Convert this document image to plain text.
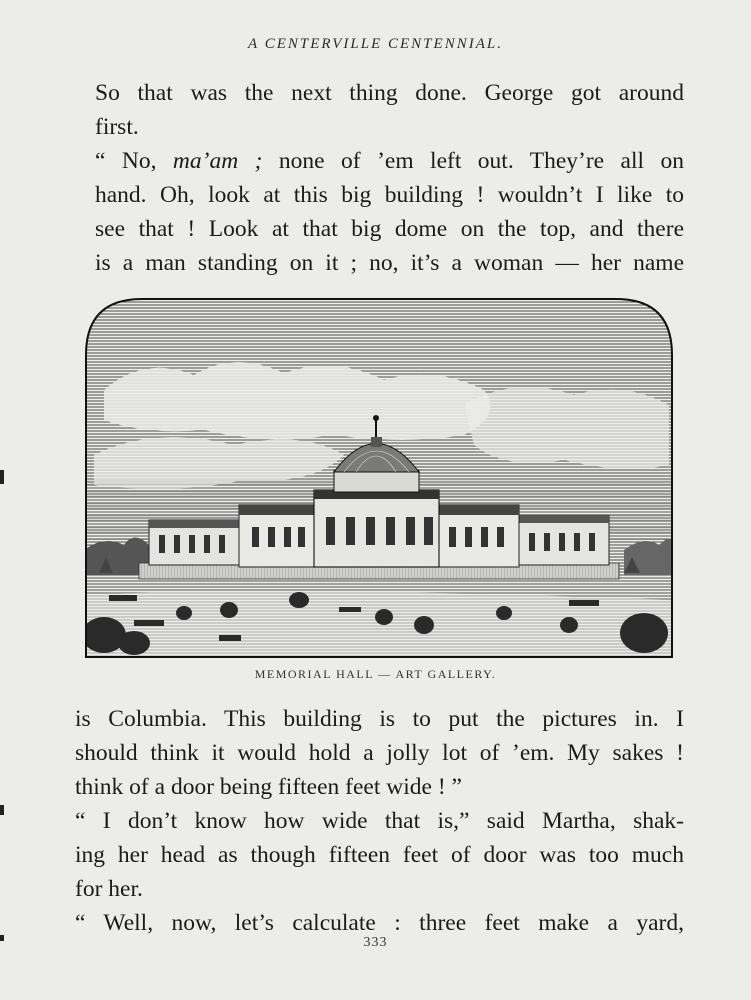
A CENTERVILLE CENTENNIAL.
So that was the next thing done. George got around
first.
“ No, ma’am ; none of ’em left out. They’re all on
hand. Oh, look at this big building ! wouldn’t I like to
see that ! Look at that big dome on the top, and there
is a man standing on it ; no, it’s a woman — her name
MEMORIAL HALL — ART GALLERY.
is Columbia. This building is to put the pictures in. I
should think it would hold a jolly lot of ’em. My sakes !
think of a door being fifteen feet wide ! ”
“ I don’t know how wide that is,” said Martha, shak-
ing her head as though fifteen feet of door was too much
for her.
“ Well, now, let’s calculate : three feet make a yard,
333
